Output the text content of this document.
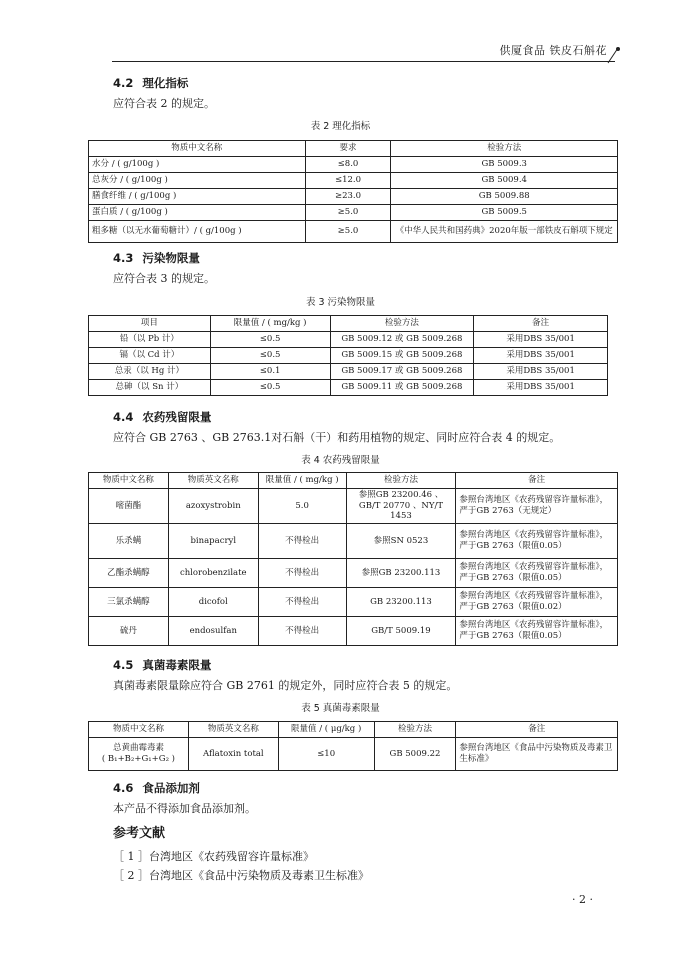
供厦食品 铁皮石斛花
4.2 理化指标
应符合表 2 的规定。
表 2 理化指标
物质中文名称	要求	检验方法
水分 / ( g/100g )	≤8.0	GB 5009.3
总灰分 / ( g/100g )	≤12.0	GB 5009.4
膳食纤维 / ( g/100g )	≥23.0	GB 5009.88
蛋白质 / ( g/100g )	≥5.0	GB 5009.5
粗多糖（以无水葡萄糖计）/ ( g/100g )	≥5.0	《中华人民共和国药典》2020年版一部铁皮石斛项下规定
4.3 污染物限量
应符合表 3 的规定。
表 3 污染物限量
项目	限量值 / ( mg/kg )	检验方法	备注
铅（以 Pb 计）	≤0.5	GB 5009.12 或 GB 5009.268	采用DBS 35/001
镉（以 Cd 计）	≤0.5	GB 5009.15 或 GB 5009.268	采用DBS 35/001
总汞（以 Hg 计）	≤0.1	GB 5009.17 或 GB 5009.268	采用DBS 35/001
总砷（以 Sn 计）	≤0.5	GB 5009.11 或 GB 5009.268	采用DBS 35/001
4.4 农药残留限量
应符合 GB 2763 、GB 2763.1对石斛（干）和药用植物的规定、同时应符合表 4 的规定。
表 4 农药残留限量
物质中文名称	物质英文名称	限量值 / ( mg/kg )	检验方法	备注
嘧菌酯	azoxystrobin	5.0	参照GB 23200.46 、GB/T 20770 、NY/T 1453	参照台湾地区《农药残留容许量标准》，严于GB 2763（无规定）
乐杀螨	binapacryl	不得检出	参照SN 0523	参照台湾地区《农药残留容许量标准》，严于GB 2763（限值0.05）
乙酯杀螨醇	chlorobenzilate	不得检出	参照GB 23200.113	参照台湾地区《农药残留容许量标准》，严于GB 2763（限值0.05）
三氯杀螨醇	dicofol	不得检出	GB 23200.113	参照台湾地区《农药残留容许量标准》，严于GB 2763（限值0.02）
硫丹	endosulfan	不得检出	GB/T 5009.19	参照台湾地区《农药残留容许量标准》，严于GB 2763（限值0.05）
4.5 真菌毒素限量
真菌毒素限量除应符合 GB 2761 的规定外，同时应符合表 5 的规定。
表 5 真菌毒素限量
物质中文名称	物质英文名称	限量值 / ( μg/kg )	检验方法	备注

总黄曲霉毒素
( B₁+B₂+G₁+G₂ )	Aflatoxin total	≤10	GB 5009.22	参照台湾地区《食品中污染物质及毒素卫生标准》
4.6 食品添加剂
本产品不得添加食品添加剂。
参考文献
［ 1 ］台湾地区《农药残留容许量标准》
［ 2 ］台湾地区《食品中污染物质及毒素卫生标准》
· 2 ·
